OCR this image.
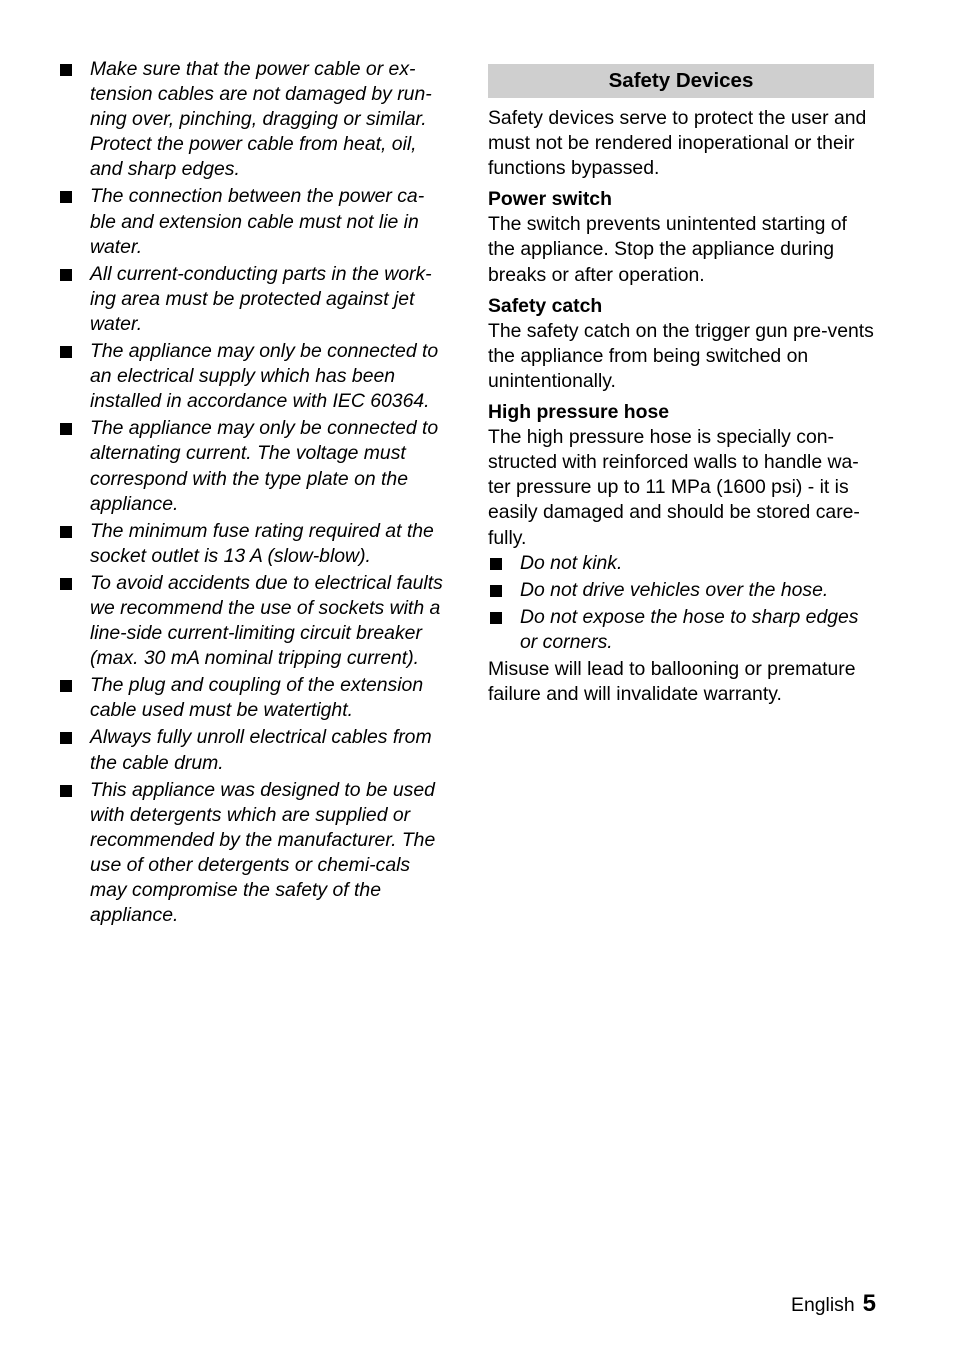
Make sure that the power cable or ex-tension cables are not damaged by run-ning over, pinching, dragging or similar. Protect the power cable from heat, oil, and sharp edges.
The connection between the power ca-ble and extension cable must not lie in water.
All current-conducting parts in the work-ing area must be protected against jet water.
The appliance may only be connected to an electrical supply which has been installed in accordance with IEC 60364.
The appliance may only be connected to alternating current. The voltage must correspond with the type plate on the appliance.
The minimum fuse rating required at the socket outlet is 13 A (slow-blow).
To avoid accidents due to electrical faults we recommend the use of sockets with a line-side current-limiting circuit breaker (max. 30 mA nominal tripping current).
The plug and coupling of the extension cable used must be watertight.
Always fully unroll electrical cables from the cable drum.
This appliance was designed to be used with detergents which are supplied or recommended by the manufacturer. The use of other detergents or chemi-cals may compromise the safety of the appliance.
Safety Devices

Safety devices serve to protect the user and must not be rendered inoperational or their functions bypassed.

Power switch

The switch prevents unintented starting of the appliance. Stop the appliance during breaks or after operation.

Safety catch

The safety catch on the trigger gun pre-vents the appliance from being switched on unintentionally.

High pressure hose

The high pressure hose is specially con-structed with reinforced walls to handle wa-ter pressure up to 11 MPa (1600 psi) - it is easily damaged and should be stored care-fully.

Do not kink.
Do not drive vehicles over the hose.
Do not expose the hose to sharp edges or corners.

Misuse will lead to ballooning or premature failure and will invalidate warranty.

English 5
